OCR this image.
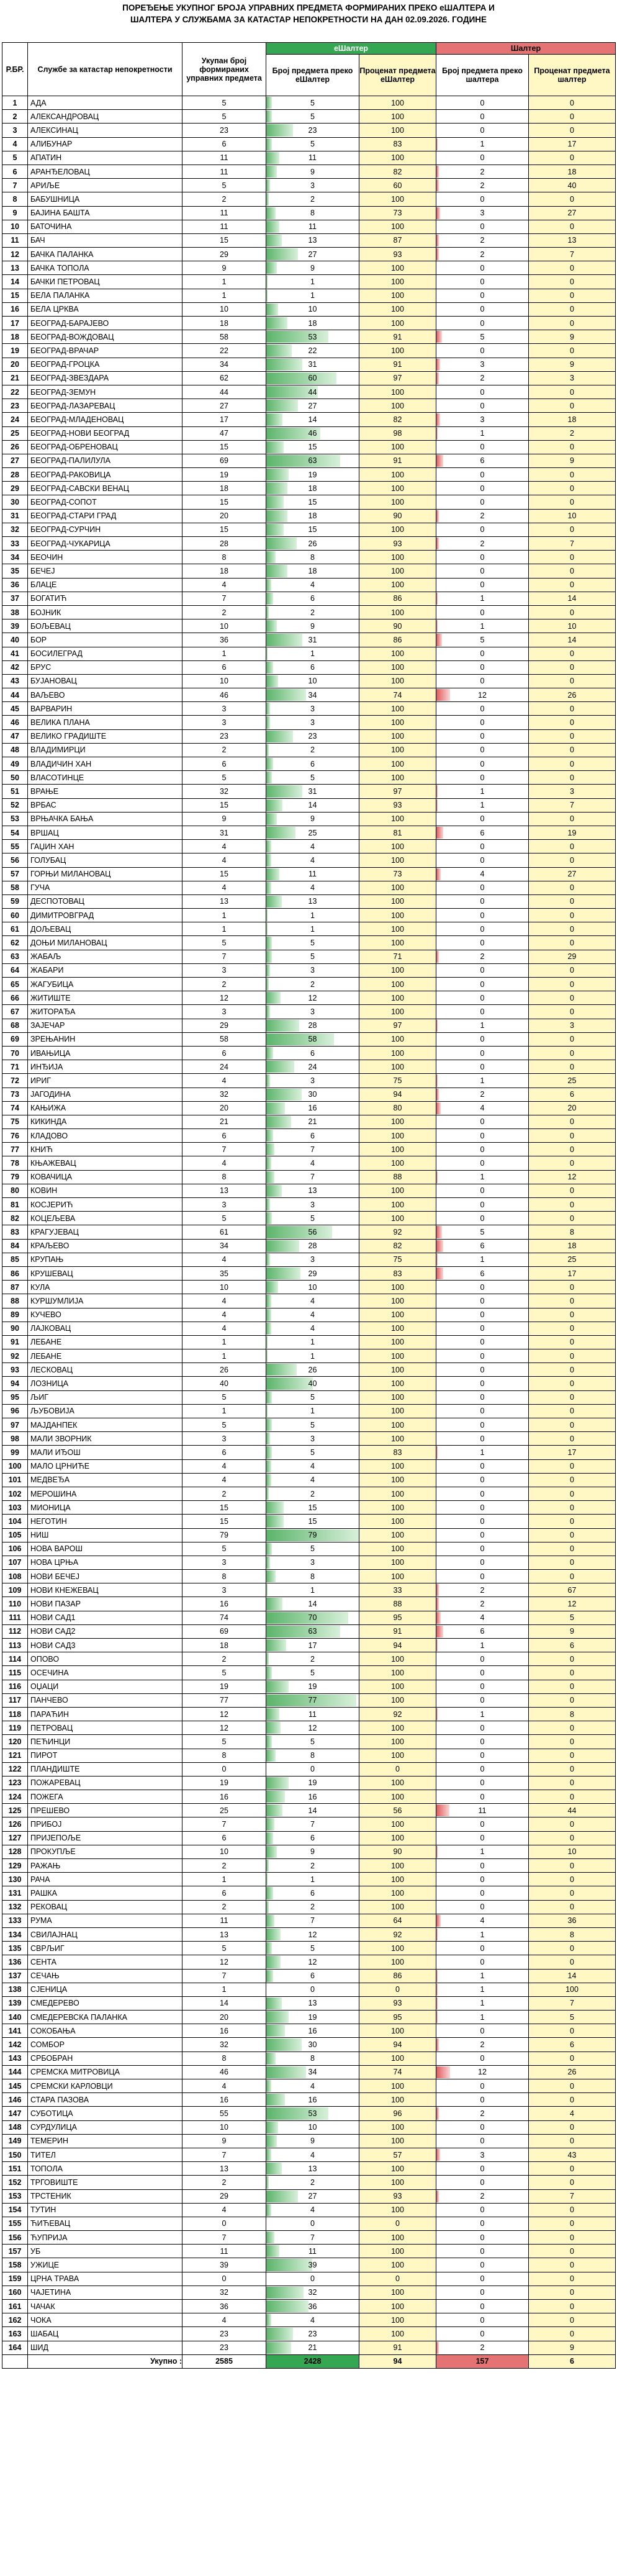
ПОРЕЂЕЊЕ УКУПНОГ БРОЈА УПРАВНИХ ПРЕДМЕТА ФОРМИРАНИХ ПРЕКО еШАЛТЕРА И
ШАЛТЕРА У СЛУЖБАМА ЗА КАТАСТАР НЕПОКРЕТНОСТИ НА ДАН 02.09.2026. ГОДИНЕ
Р.БР.	Службе за катастар непокретности	Укупан број формираних управних предмета	еШалтер		Шалтер	
			Број предмета преко еШалтер	Проценат предмета еШалтер	Број предмета преко шалтера	Проценат предмета шалтер
1	АДА	5	5	100	0	0
2	АЛЕКСАНДРОВАЦ	5	5	100	0	0
3	АЛЕКСИНАЦ	23	23	100	0	0
4	АЛИБУНАР	6	5	83	1	17
5	АПАТИН	11	11	100	0	0
6	АРАНЂЕЛОВАЦ	11	9	82	2	18
7	АРИЉЕ	5	3	60	2	40
8	БАБУШНИЦА	2	2	100	0	0
9	БАЈИНА БАШТА	11	8	73	3	27
10	БАТОЧИНА	11	11	100	0	0
11	БАЧ	15	13	87	2	13
12	БАЧКА ПАЛАНКА	29	27	93	2	7
13	БАЧКА ТОПОЛА	9	9	100	0	0
14	БАЧКИ ПЕТРОВАЦ	1	1	100	0	0
15	БЕЛА ПАЛАНКА	1	1	100	0	0
16	БЕЛА ЦРКВА	10	10	100	0	0
17	БЕОГРАД-БАРАЈЕВО	18	18	100	0	0
18	БЕОГРАД-ВОЖДОВАЦ	58	53	91	5	9
19	БЕОГРАД-ВРАЧАР	22	22	100	0	0
20	БЕОГРАД-ГРОЦКА	34	31	91	3	9
21	БЕОГРАД-ЗВЕЗДАРА	62	60	97	2	3
22	БЕОГРАД-ЗЕМУН	44	44	100	0	0
23	БЕОГРАД-ЛАЗАРЕВАЦ	27	27	100	0	0
24	БЕОГРАД-МЛАДЕНОВАЦ	17	14	82	3	18
25	БЕОГРАД-НОВИ БЕОГРАД	47	46	98	1	2
26	БЕОГРАД-ОБРЕНОВАЦ	15	15	100	0	0
27	БЕОГРАД-ПАЛИЛУЛА	69	63	91	6	9
28	БЕОГРАД-РАКОВИЦА	19	19	100	0	0
29	БЕОГРАД-САВСКИ ВЕНАЦ	18	18	100	0	0
30	БЕОГРАД-СОПОТ	15	15	100	0	0
31	БЕОГРАД-СТАРИ ГРАД	20	18	90	2	10
32	БЕОГРАД-СУРЧИН	15	15	100	0	0
33	БЕОГРАД-ЧУКАРИЦА	28	26	93	2	7
34	БЕОЧИН	8	8	100	0	0
35	БЕЧЕЈ	18	18	100	0	0
36	БЛАЦЕ	4	4	100	0	0
37	БОГАТИЋ	7	6	86	1	14
38	БОЈНИК	2	2	100	0	0
39	БОЉЕВАЦ	10	9	90	1	10
40	БОР	36	31	86	5	14
41	БОСИЛЕГРАД	1	1	100	0	0
42	БРУС	6	6	100	0	0
43	БУЈАНОВАЦ	10	10	100	0	0
44	ВАЉЕВО	46	34	74	12	26
45	ВАРВАРИН	3	3	100	0	0
46	ВЕЛИКА ПЛАНА	3	3	100	0	0
47	ВЕЛИКО ГРАДИШТЕ	23	23	100	0	0
48	ВЛАДИМИРЦИ	2	2	100	0	0
49	ВЛАДИЧИН ХАН	6	6	100	0	0
50	ВЛАСОТИНЦЕ	5	5	100	0	0
51	ВРАЊЕ	32	31	97	1	3
52	ВРБАС	15	14	93	1	7
53	ВРЊАЧКА БАЊА	9	9	100	0	0
54	ВРШАЦ	31	25	81	6	19
55	ГАЏИН ХАН	4	4	100	0	0
56	ГОЛУБАЦ	4	4	100	0	0
57	ГОРЊИ МИЛАНОВАЦ	15	11	73	4	27
58	ГУЧА	4	4	100	0	0
59	ДЕСПОТОВАЦ	13	13	100	0	0
60	ДИМИТРОВГРАД	1	1	100	0	0
61	ДОЉЕВАЦ	1	1	100	0	0
62	ДОЊИ МИЛАНОВАЦ	5	5	100	0	0
63	ЖАБАЉ	7	5	71	2	29
64	ЖАБАРИ	3	3	100	0	0
65	ЖАГУБИЦА	2	2	100	0	0
66	ЖИТИШТЕ	12	12	100	0	0
67	ЖИТОРАЂА	3	3	100	0	0
68	ЗАЈЕЧАР	29	28	97	1	3
69	ЗРЕЊАНИН	58	58	100	0	0
70	ИВАЊИЦА	6	6	100	0	0
71	ИНЂИЈА	24	24	100	0	0
72	ИРИГ	4	3	75	1	25
73	ЈАГОДИНА	32	30	94	2	6
74	КАЊИЖА	20	16	80	4	20
75	КИКИНДА	21	21	100	0	0
76	КЛАДОВО	6	6	100	0	0
77	КНИЋ	7	7	100	0	0
78	КЊАЖЕВАЦ	4	4	100	0	0
79	КОВАЧИЦА	8	7	88	1	12
80	КОВИН	13	13	100	0	0
81	КОСЈЕРИЋ	3	3	100	0	0
82	КОЦЕЉЕВА	5	5	100	0	0
83	КРАГУЈЕВАЦ	61	56	92	5	8
84	КРАЉЕВО	34	28	82	6	18
85	КРУПАЊ	4	3	75	1	25
86	КРУШЕВАЦ	35	29	83	6	17
87	КУЛА	10	10	100	0	0
88	КУРШУМЛИЈА	4	4	100	0	0
89	КУЧЕВО	4	4	100	0	0
90	ЛАЈКОВАЦ	4	4	100	0	0
91	ЛЕБАНЕ	1	1	100	0	0
92	ЛЕБАНЕ	1	1	100	0	0
93	ЛЕСКОВАЦ	26	26	100	0	0
94	ЛОЗНИЦА	40	40	100	0	0
95	ЉИГ	5	5	100	0	0
96	ЉУБОВИЈА	1	1	100	0	0
97	МАЈДАНПЕК	5	5	100	0	0
98	МАЛИ ЗВОРНИК	3	3	100	0	0
99	МАЛИ ИЂОШ	6	5	83	1	17
100	МАЛО ЦРНИЋЕ	4	4	100	0	0
101	МЕДВЕЂА	4	4	100	0	0
102	МЕРОШИНА	2	2	100	0	0
103	МИОНИЦА	15	15	100	0	0
104	НЕГОТИН	15	15	100	0	0
105	НИШ	79	79	100	0	0
106	НОВА ВАРОШ	5	5	100	0	0
107	НОВА ЦРЊА	3	3	100	0	0
108	НОВИ БЕЧЕЈ	8	8	100	0	0
109	НОВИ КНЕЖЕВАЦ	3	1	33	2	67
110	НОВИ ПАЗАР	16	14	88	2	12
111	НОВИ САД1	74	70	95	4	5
112	НОВИ САД2	69	63	91	6	9
113	НОВИ САД3	18	17	94	1	6
114	ОПОВО	2	2	100	0	0
115	ОСЕЧИНА	5	5	100	0	0
116	ОЏАЦИ	19	19	100	0	0
117	ПАНЧЕВО	77	77	100	0	0
118	ПАРАЋИН	12	11	92	1	8
119	ПЕТРОВАЦ	12	12	100	0	0
120	ПЕЋИНЦИ	5	5	100	0	0
121	ПИРОТ	8	8	100	0	0
122	ПЛАНДИШТЕ	0	0	0	0	0
123	ПОЖАРЕВАЦ	19	19	100	0	0
124	ПОЖЕГА	16	16	100	0	0
125	ПРЕШЕВО	25	14	56	11	44
126	ПРИБОЈ	7	7	100	0	0
127	ПРИЈЕПОЉЕ	6	6	100	0	0
128	ПРОКУПЉЕ	10	9	90	1	10
129	РАЖАЊ	2	2	100	0	0
130	РАЧА	1	1	100	0	0
131	РАШКА	6	6	100	0	0
132	РЕКОВАЦ	2	2	100	0	0
133	РУМА	11	7	64	4	36
134	СВИЛАЈНАЦ	13	12	92	1	8
135	СВРЉИГ	5	5	100	0	0
136	СЕНТА	12	12	100	0	0
137	СЕЧАЊ	7	6	86	1	14
138	СЈЕНИЦА	1	0	0	1	100
139	СМЕДЕРЕВО	14	13	93	1	7
140	СМЕДЕРЕВСКА ПАЛАНКА	20	19	95	1	5
141	СОКОБАЊА	16	16	100	0	0
142	СОМБОР	32	30	94	2	6
143	СРБОБРАН	8	8	100	0	0
144	СРЕМСКА МИТРОВИЦА	46	34	74	12	26
145	СРЕМСКИ КАРЛОВЦИ	4	4	100	0	0
146	СТАРА ПАЗОВА	16	16	100	0	0
147	СУБОТИЦА	55	53	96	2	4
148	СУРДУЛИЦА	10	10	100	0	0
149	ТЕМЕРИН	9	9	100	0	0
150	ТИТЕЛ	7	4	57	3	43
151	ТОПОЛА	13	13	100	0	0
152	ТРГОВИШТЕ	2	2	100	0	0
153	ТРСТЕНИК	29	27	93	2	7
154	ТУТИН	4	4	100	0	0
155	ЋИЋЕВАЦ	0	0	0	0	0
156	ЋУПРИЈА	7	7	100	0	0
157	УБ	11	11	100	0	0
158	УЖИЦЕ	39	39	100	0	0
159	ЦРНА ТРАВА	0	0	0	0	0
160	ЧАЈЕТИНА	32	32	100	0	0
161	ЧАЧАК	36	36	100	0	0
162	ЧОКА	4	4	100	0	0
163	ШАБАЦ	23	23	100	0	0
164	ШИД	23	21	91	2	9
	Укупно :	2585	2428	94	157	6
